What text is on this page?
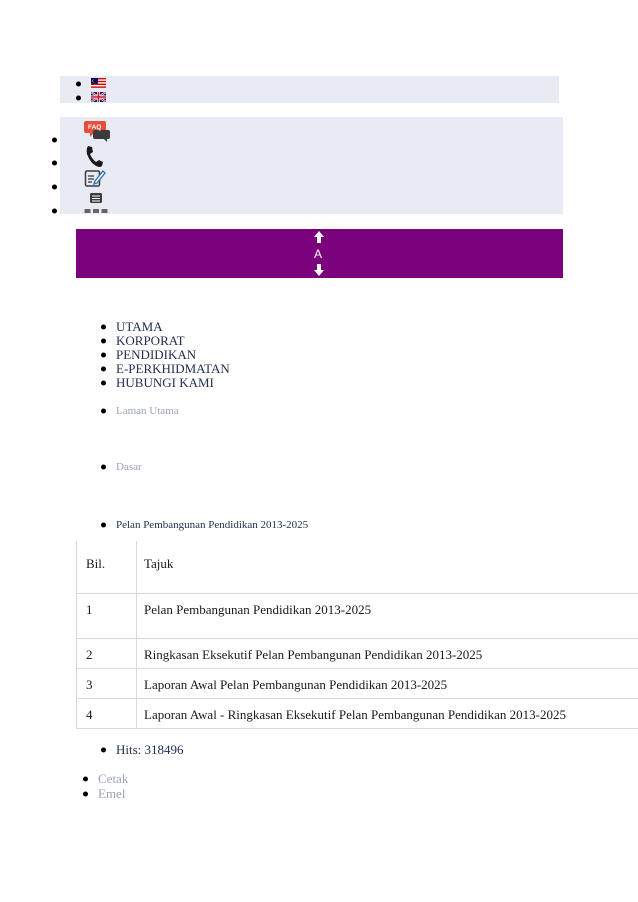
FAQ
A
UTAMA
KORPORAT
PENDIDIKAN
E-PERKHIDMATAN
HUBUNGI KAMI
Laman Utama
Dasar
Pelan Pembangunan Pendidikan 2013-2025
Bil.	Tajuk
1	Pelan Pembangunan Pendidikan 2013-2025
2	Ringkasan Eksekutif Pelan Pembangunan Pendidikan 2013-2025
3	Laporan Awal Pelan Pembangunan Pendidikan 2013-2025
4	Laporan Awal - Ringkasan Eksekutif Pelan Pembangunan Pendidikan 2013-2025
Hits: 318496
Cetak
Emel
